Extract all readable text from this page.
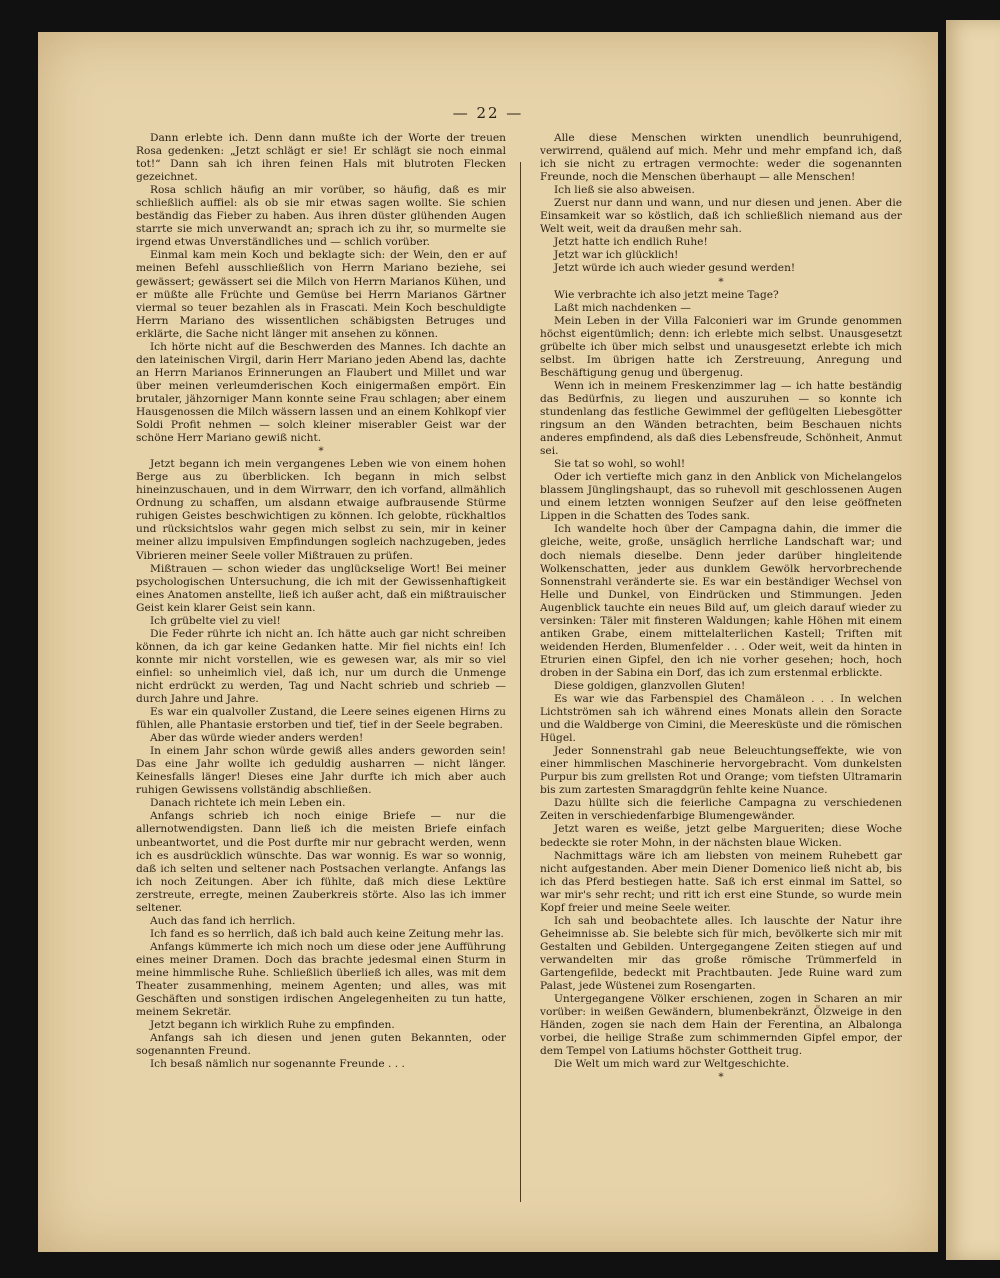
— 22 —

Dann erlebte ich. Denn dann mußte ich der Worte der treuen Rosa gedenken: „Jetzt schlägt er sie! Er schlägt sie noch einmal tot!“ Dann sah ich ihren feinen Hals mit blutroten Flecken gezeichnet.

Rosa schlich häufig an mir vorüber, so häufig, daß es mir schließlich auffiel: als ob sie mir etwas sagen wollte. Sie schien beständig das Fieber zu haben. Aus ihren düster glühenden Augen starrte sie mich unverwandt an; sprach ich zu ihr, so murmelte sie irgend etwas Unverständliches und — schlich vorüber.

Einmal kam mein Koch und beklagte sich: der Wein, den er auf meinen Befehl ausschließlich von Herrn Mariano beziehe, sei gewässert; gewässert sei die Milch von Herrn Marianos Kühen, und er müßte alle Früchte und Gemüse bei Herrn Marianos Gärtner viermal so teuer bezahlen als in Frascati. Mein Koch beschuldigte Herrn Mariano des wissentlichen schäbigsten Betruges und erklärte, die Sache nicht länger mit ansehen zu können.

Ich hörte nicht auf die Beschwerden des Mannes. Ich dachte an den lateinischen Virgil, darin Herr Mariano jeden Abend las, dachte an Herrn Marianos Erinnerungen an Flaubert und Millet und war über meinen verleumderischen Koch einigermaßen empört. Ein brutaler, jähzorniger Mann konnte seine Frau schlagen; aber einem Hausgenossen die Milch wässern lassen und an einem Kohlkopf vier Soldi Profit nehmen — solch kleiner miserabler Geist war der schöne Herr Mariano gewiß nicht.

*

Jetzt begann ich mein vergangenes Leben wie von einem hohen Berge aus zu überblicken. Ich begann in mich selbst hineinzuschauen, und in dem Wirrwarr, den ich vorfand, allmählich Ordnung zu schaffen, um alsdann etwaige aufbrausende Stürme ruhigen Geistes beschwichtigen zu können. Ich gelobte, rückhaltlos und rücksichtslos wahr gegen mich selbst zu sein, mir in keiner meiner allzu impulsiven Empfindungen sogleich nachzugeben, jedes Vibrieren meiner Seele voller Mißtrauen zu prüfen.

Mißtrauen — schon wieder das unglückselige Wort! Bei meiner psychologischen Untersuchung, die ich mit der Gewissenhaftigkeit eines Anatomen anstellte, ließ ich außer acht, daß ein mißtrauischer Geist kein klarer Geist sein kann.

Ich grübelte viel zu viel!

Die Feder rührte ich nicht an. Ich hätte auch gar nicht schreiben können, da ich gar keine Gedanken hatte. Mir fiel nichts ein! Ich konnte mir nicht vorstellen, wie es gewesen war, als mir so viel einfiel: so unheimlich viel, daß ich, nur um durch die Unmenge nicht erdrückt zu werden, Tag und Nacht schrieb und schrieb — durch Jahre und Jahre.

Es war ein qualvoller Zustand, die Leere seines eigenen Hirns zu fühlen, alle Phantasie erstorben und tief, tief in der Seele begraben.

Aber das würde wieder anders werden!

In einem Jahr schon würde gewiß alles anders geworden sein! Das eine Jahr wollte ich geduldig ausharren — nicht länger. Keinesfalls länger! Dieses eine Jahr durfte ich mich aber auch ruhigen Gewissens vollständig abschließen.

Danach richtete ich mein Leben ein.

Anfangs schrieb ich noch einige Briefe — nur die allernotwendigsten. Dann ließ ich die meisten Briefe einfach unbeantwortet, und die Post durfte mir nur gebracht werden, wenn ich es ausdrücklich wünschte. Das war wonnig. Es war so wonnig, daß ich selten und seltener nach Postsachen verlangte. Anfangs las ich noch Zeitungen. Aber ich fühlte, daß mich diese Lektüre zerstreute, erregte, meinen Zauberkreis störte. Also las ich immer seltener.

Auch das fand ich herrlich.

Ich fand es so herrlich, daß ich bald auch keine Zeitung mehr las.

Anfangs kümmerte ich mich noch um diese oder jene Aufführung eines meiner Dramen. Doch das brachte jedesmal einen Sturm in meine himmlische Ruhe. Schließlich überließ ich alles, was mit dem Theater zusammenhing, meinem Agenten; und alles, was mit Geschäften und sonstigen irdischen Angelegenheiten zu tun hatte, meinem Sekretär.

Jetzt begann ich wirklich Ruhe zu empfinden.

Anfangs sah ich diesen und jenen guten Bekannten, oder sogenannten Freund.

Ich besaß nämlich nur sogenannte Freunde . . .

Alle diese Menschen wirkten unendlich beunruhigend, verwirrend, quälend auf mich. Mehr und mehr empfand ich, daß ich sie nicht zu ertragen vermochte: weder die sogenannten Freunde, noch die Menschen überhaupt — alle Menschen!

Ich ließ sie also abweisen.

Zuerst nur dann und wann, und nur diesen und jenen. Aber die Einsamkeit war so köstlich, daß ich schließlich niemand aus der Welt weit, weit da draußen mehr sah.

Jetzt hatte ich endlich Ruhe!

Jetzt war ich glücklich!

Jetzt würde ich auch wieder gesund werden!

*

Wie verbrachte ich also jetzt meine Tage?

Laßt mich nachdenken —

Mein Leben in der Villa Falconieri war im Grunde genommen höchst eigentümlich; denn: ich erlebte mich selbst. Unausgesetzt grübelte ich über mich selbst und unausgesetzt erlebte ich mich selbst. Im übrigen hatte ich Zerstreuung, Anregung und Beschäftigung genug und übergenug.

Wenn ich in meinem Freskenzimmer lag — ich hatte beständig das Bedürfnis, zu liegen und auszuruhen — so konnte ich stundenlang das festliche Gewimmel der geflügelten Liebesgötter ringsum an den Wänden betrachten, beim Beschauen nichts anderes empfindend, als daß dies Lebensfreude, Schönheit, Anmut sei.

Sie tat so wohl, so wohl!

Oder ich vertiefte mich ganz in den Anblick von Michelangelos blassem Jünglingshaupt, das so ruhevoll mit geschlossenen Augen und einem letzten wonnigen Seufzer auf den leise geöffneten Lippen in die Schatten des Todes sank.

Ich wandelte hoch über der Campagna dahin, die immer die gleiche, weite, große, unsäglich herrliche Landschaft war; und doch niemals dieselbe. Denn jeder darüber hingleitende Wolkenschatten, jeder aus dunklem Gewölk hervorbrechende Sonnenstrahl veränderte sie. Es war ein beständiger Wechsel von Helle und Dunkel, von Eindrücken und Stimmungen. Jeden Augenblick tauchte ein neues Bild auf, um gleich darauf wieder zu versinken: Täler mit finsteren Waldungen; kahle Höhen mit einem antiken Grabe, einem mittelalterlichen Kastell; Triften mit weidenden Herden, Blumenfelder . . . Oder weit, weit da hinten in Etrurien einen Gipfel, den ich nie vorher gesehen; hoch, hoch droben in der Sabina ein Dorf, das ich zum erstenmal erblickte.

Diese goldigen, glanzvollen Gluten!

Es war wie das Farbenspiel des Chamäleon . . . In welchen Lichtströmen sah ich während eines Monats allein den Soracte und die Waldberge von Cimini, die Meeresküste und die römischen Hügel.

Jeder Sonnenstrahl gab neue Beleuchtungseffekte, wie von einer himmlischen Maschinerie hervorgebracht. Vom dunkelsten Purpur bis zum grellsten Rot und Orange; vom tiefsten Ultramarin bis zum zartesten Smaragdgrün fehlte keine Nuance.

Dazu hüllte sich die feierliche Campagna zu verschiedenen Zeiten in verschiedenfarbige Blumengewänder.

Jetzt waren es weiße, jetzt gelbe Margueriten; diese Woche bedeckte sie roter Mohn, in der nächsten blaue Wicken.

Nachmittags wäre ich am liebsten von meinem Ruhebett gar nicht aufgestanden. Aber mein Diener Domenico ließ nicht ab, bis ich das Pferd bestiegen hatte. Saß ich erst einmal im Sattel, so war mir's sehr recht; und ritt ich erst eine Stunde, so wurde mein Kopf freier und meine Seele weiter.

Ich sah und beobachtete alles. Ich lauschte der Natur ihre Geheimnisse ab. Sie belebte sich für mich, bevölkerte sich mir mit Gestalten und Gebilden. Untergegangene Zeiten stiegen auf und verwandelten mir das große römische Trümmerfeld in Gartengefilde, bedeckt mit Prachtbauten. Jede Ruine ward zum Palast, jede Wüstenei zum Rosengarten.

Untergegangene Völker erschienen, zogen in Scharen an mir vorüber: in weißen Gewändern, blumenbekränzt, Ölzweige in den Händen, zogen sie nach dem Hain der Ferentina, an Albalonga vorbei, die heilige Straße zum schimmernden Gipfel empor, der dem Tempel von Latiums höchster Gottheit trug.

Die Welt um mich ward zur Weltgeschichte.

*
